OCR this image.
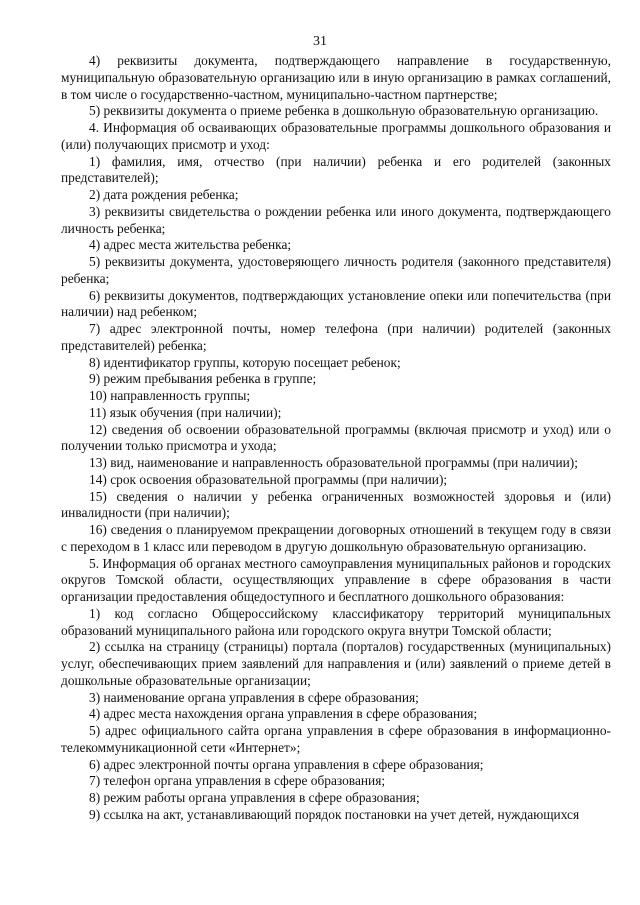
31

4) реквизиты документа, подтверждающего направление в государственную, муниципальную образовательную организацию или в иную организацию в рамках соглашений, в том числе о государственно-частном, муниципально-частном партнерстве;

5) реквизиты документа о приеме ребенка в дошкольную образовательную организацию.

4. Информация об осваивающих образовательные программы дошкольного образования и (или) получающих присмотр и уход:

1) фамилия, имя, отчество (при наличии) ребенка и его родителей (законных представителей);

2) дата рождения ребенка;

3) реквизиты свидетельства о рождении ребенка или иного документа, подтверждающего личность ребенка;

4) адрес места жительства ребенка;

5) реквизиты документа, удостоверяющего личность родителя (законного представителя) ребенка;

6) реквизиты документов, подтверждающих установление опеки или попечительства (при наличии) над ребенком;

7) адрес электронной почты, номер телефона (при наличии) родителей (законных представителей) ребенка;

8) идентификатор группы, которую посещает ребенок;

9) режим пребывания ребенка в группе;

10) направленность группы;

11) язык обучения (при наличии);

12) сведения об освоении образовательной программы (включая присмотр и уход) или о получении только присмотра и ухода;

13) вид, наименование и направленность образовательной программы (при наличии);

14) срок освоения образовательной программы (при наличии);

15) сведения о наличии у ребенка ограниченных возможностей здоровья и (или) инвалидности (при наличии);

16) сведения о планируемом прекращении договорных отношений в текущем году в связи с переходом в 1 класс или переводом в другую дошкольную образовательную организацию.

5. Информация об органах местного самоуправления муниципальных районов и городских округов Томской области, осуществляющих управление в сфере образования в части организации предоставления общедоступного и бесплатного дошкольного образования:

1) код согласно Общероссийскому классификатору территорий муниципальных образований муниципального района или городского округа внутри Томской области;

2) ссылка на страницу (страницы) портала (порталов) государственных (муниципальных) услуг, обеспечивающих прием заявлений для направления и (или) заявлений о приеме детей в дошкольные образовательные организации;

3) наименование органа управления в сфере образования;

4) адрес места нахождения органа управления в сфере образования;

5) адрес официального сайта органа управления в сфере образования в информационно-телекоммуникационной сети «Интернет»;

6) адрес электронной почты органа управления в сфере образования;

7) телефон органа управления в сфере образования;

8) режим работы органа управления в сфере образования;

9) ссылка на акт, устанавливающий порядок постановки на учет детей, нуждающихся
